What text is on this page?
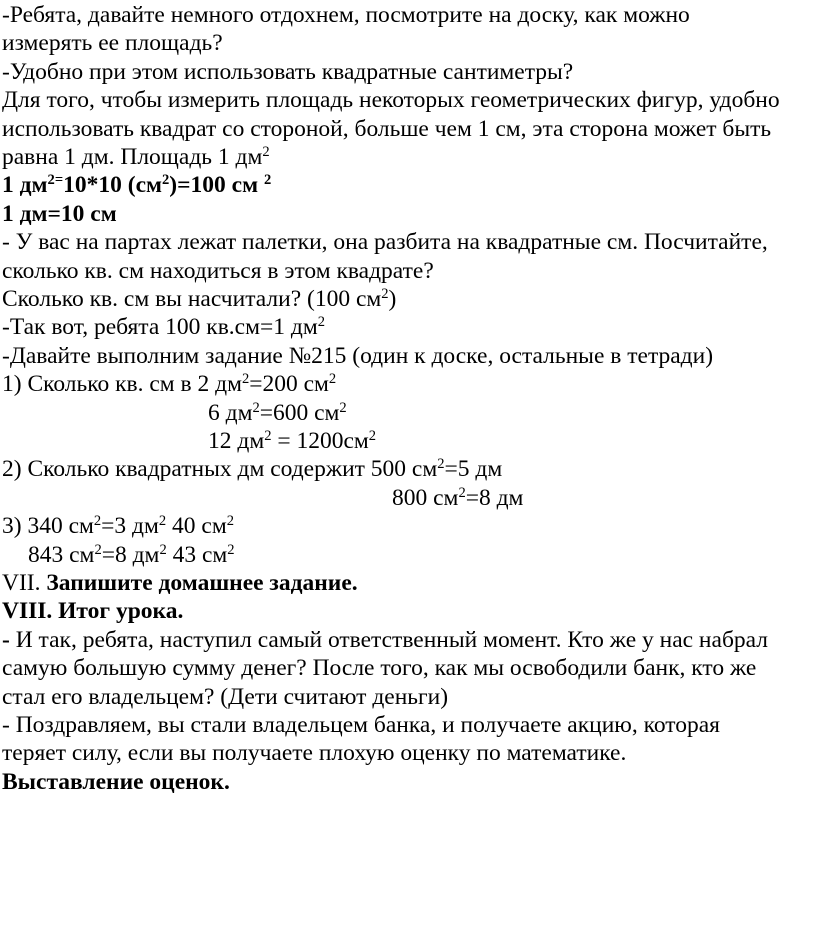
-Ребята, давайте немного отдохнем, посмотрите на доску, как можно
измерять ее площадь?
-Удобно при этом использовать квадратные сантиметры?
Для того, чтобы измерить площадь некоторых геометрических фигур, удобно
использовать квадрат со стороной, больше чем 1 см, эта сторона может быть
равна 1 дм. Площадь 1 $дм^2$
1 $дм^{2=}10*10$ $(см^2)=100$ см $^2$
1 дм=10 см
- У вас на партах лежат палетки, она разбита на квадратные см. Посчитайте,
сколько кв. см находиться в этом квадрате?
Сколько кв. см вы насчитали? (100 $см^2$)
-Так вот, ребята 100 кв.см=1 $дм^2$
-Давайте выполним задание №215 (один к доске, остальные в тетради)
1) Сколько кв. см в 2 $дм^2=200$ $см^2$
6 $дм^2=600$ $см^2$
12 $дм^2 = 1200см^2$
2) Сколько квадратных дм содержит 500 $см^2=5$ дм
800 $см^2=8$ дм
3) 340 $см^2=3$ $дм^2$ 40 $см^2$
843 $см^2=8$ $дм^2$ 43 $см^2$
VII. Запишите домашнее задание.
VIII. Итог урока.
- И так, ребята, наступил самый ответственный момент. Кто же у нас набрал
самую большую сумму денег? После того, как мы освободили банк, кто же
стал его владельцем? (Дети считают деньги)
- Поздравляем, вы стали владельцем банка, и получаете акцию, которая
теряет силу, если вы получаете плохую оценку по математике.
Выставление оценок.
